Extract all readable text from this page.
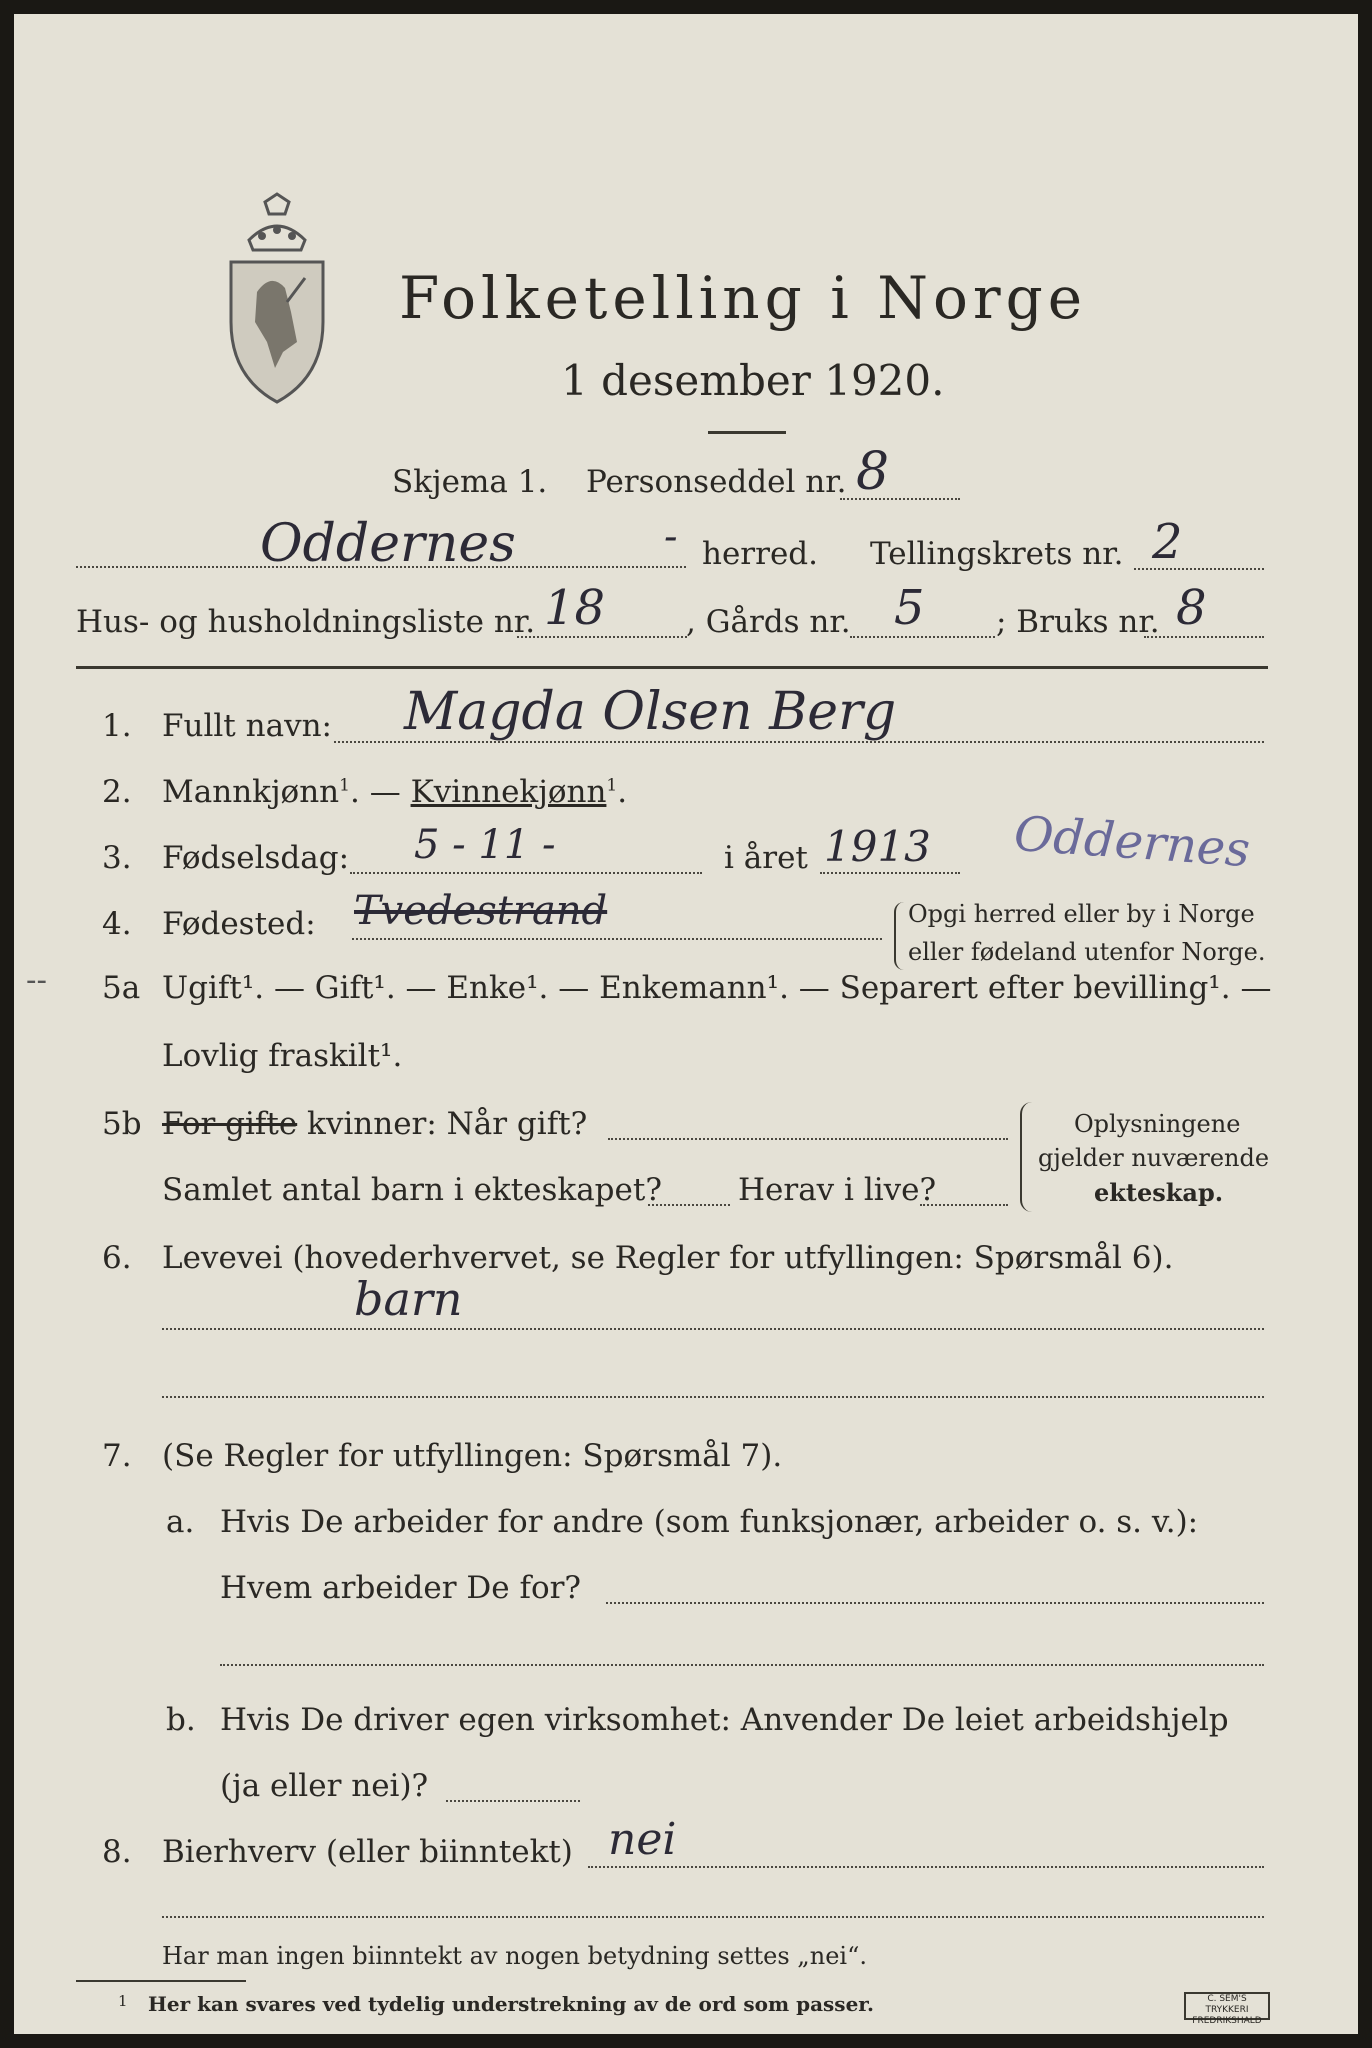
Folketelling i Norge
1 desember 1920.
Skjema 1. Personseddel nr. 8
Oddernes	- herred. Tellingskrets nr. 2
Hus- og husholdningsliste nr. 18	, Gårds nr. 5 ; Bruks nr. 8
1. Fullt navn: Magda Olsen Berg
2. Mannkjønn$^1$. — Kvinnekjønn$^1$.
3. Fødselsdag: 5 - 11 -	i året 1913 Oddernes
4. Fødested: Tvedestrand	Opgi herred eller by i Norge
eller fødeland utenfor Norge.
-- 5a Ugift¹. — Gift¹. — Enke¹. — Enkemann¹. — Separert efter bevilling¹. —
Lovlig fraskilt¹.
5b For gifte kvinner: Når gift?
Samlet antal barn i ekteskapet? Herav i live?
Oplysningene
gjelder nuværende
ekteskap.
6. Levevei (hovederhvervet, se Regler for utfyllingen: Spørsmål 6).
barn
7. (Se Regler for utfyllingen: Spørsmål 7).
a. Hvis De arbeider for andre (som funksjonær, arbeider o. s. v.):
Hvem arbeider De for?
b. Hvis De driver egen virksomhet: Anvender De leiet arbeidshjelp
(ja eller nei)?
8. Bierhverv (eller biinntekt) nei
Har man ingen biinntekt av nogen betydning settes „nei“.
1 Her kan svares ved tydelig understrekning av de ord som passer.	C. SEM'S TRYKKERI FREDRIKSHALD
